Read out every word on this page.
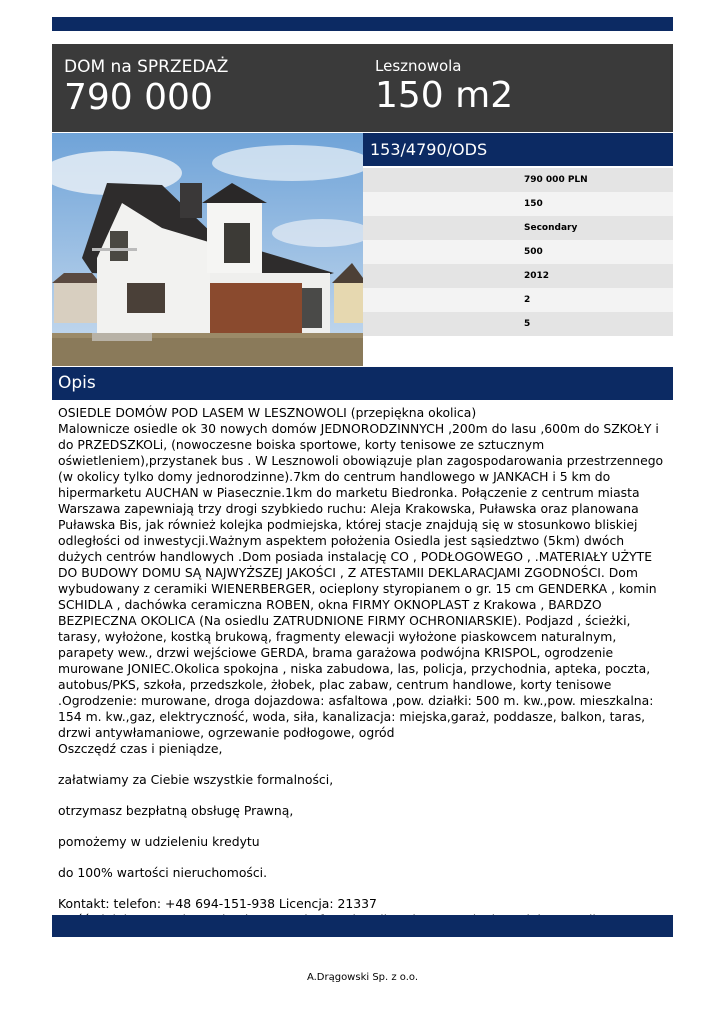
DOM na SPRZEDAŻ
790 000
Lesznowola
150 m2
153/4790/ODS
790 000 PLN
150
Secondary
500
2012
2
5
Opis

OSIEDLE DOMÓW POD LASEM W LESZNOWOLI (przepiękna okolica)
Malownicze osiedle ok 30 nowych domów JEDNORODZINNYCH ,200m do lasu ,600m do SZKOŁY i do PRZEDSZKOLi, (nowoczesne boiska sportowe, korty tenisowe ze sztucznym oświetleniem),przystanek bus . W Lesznowoli obowiązuje plan zagospodarowania przestrzennego (w okolicy tylko domy jednorodzinne).7km do centrum handlowego w JANKACH i 5 km do hipermarketu AUCHAN w Piasecznie.1km do marketu Biedronka. Połączenie z centrum miasta Warszawa zapewniają trzy drogi szybkiedo ruchu: Aleja Krakowska, Puławska oraz planowana Puławska Bis, jak również kolejka podmiejska, której stacje znajdują się w stosunkowo bliskiej odległości od inwestycji.Ważnym aspektem położenia Osiedla jest sąsiedztwo (5km) dwóch dużych centrów handlowych .Dom posiada instalację CO , PODŁOGOWEGO , .MATERIAŁY UŻYTE DO BUDOWY DOMU SĄ NAJWYŻSZEJ JAKOŚCI , Z ATESTAMII DEKLARACJAMI ZGODNOŚCI. Dom wybudowany z ceramiki WIENERBERGER, ocieplony styropianem o gr. 15 cm GENDERKA , komin SCHIDLA , dachówka ceramiczna ROBEN, okna FIRMY OKNOPLAST z Krakowa , BARDZO BEZPIECZNA OKOLICA (Na osiedlu ZATRUDNIONE FIRMY OCHRONIARSKIE). Podjazd , ścieżki, tarasy, wyłożone, kostką brukową, fragmenty elewacji wyłożone piaskowcem naturalnym, parapety wew., drzwi wejściowe GERDA, brama garażowa podwójna KRISPOL, ogrodzenie murowane JONIEC.Okolica spokojna , niska zabudowa, las, policja, przychodnia, apteka, poczta, autobus/PKS, szkoła, przedszkole, żłobek, plac zabaw, centrum handlowe, korty tenisowe .Ogrodzenie: murowane, droga dojazdowa: asfaltowa ,pow. działki: 500 m. kw.,pow. mieszkalna: 154 m. kw.,gaz, elektryczność, woda, siła, kanalizacja: miejska,garaż, poddasze, balkon, taras, drzwi antywłamaniowe, ogrzewanie podłogowe, ogród
Oszczędź czas i pieniądze,

załatwiamy za Ciebie wszystkie formalności,

otrzymasz bezpłatną obsługę Prawną,

pomożemy w udzieleniu kredytu

do 100% wartości nieruchomości.

Kontakt: telefon: +48 694-151-938 Licencja: 21337

A.Drągowski Sp. z o.o.
